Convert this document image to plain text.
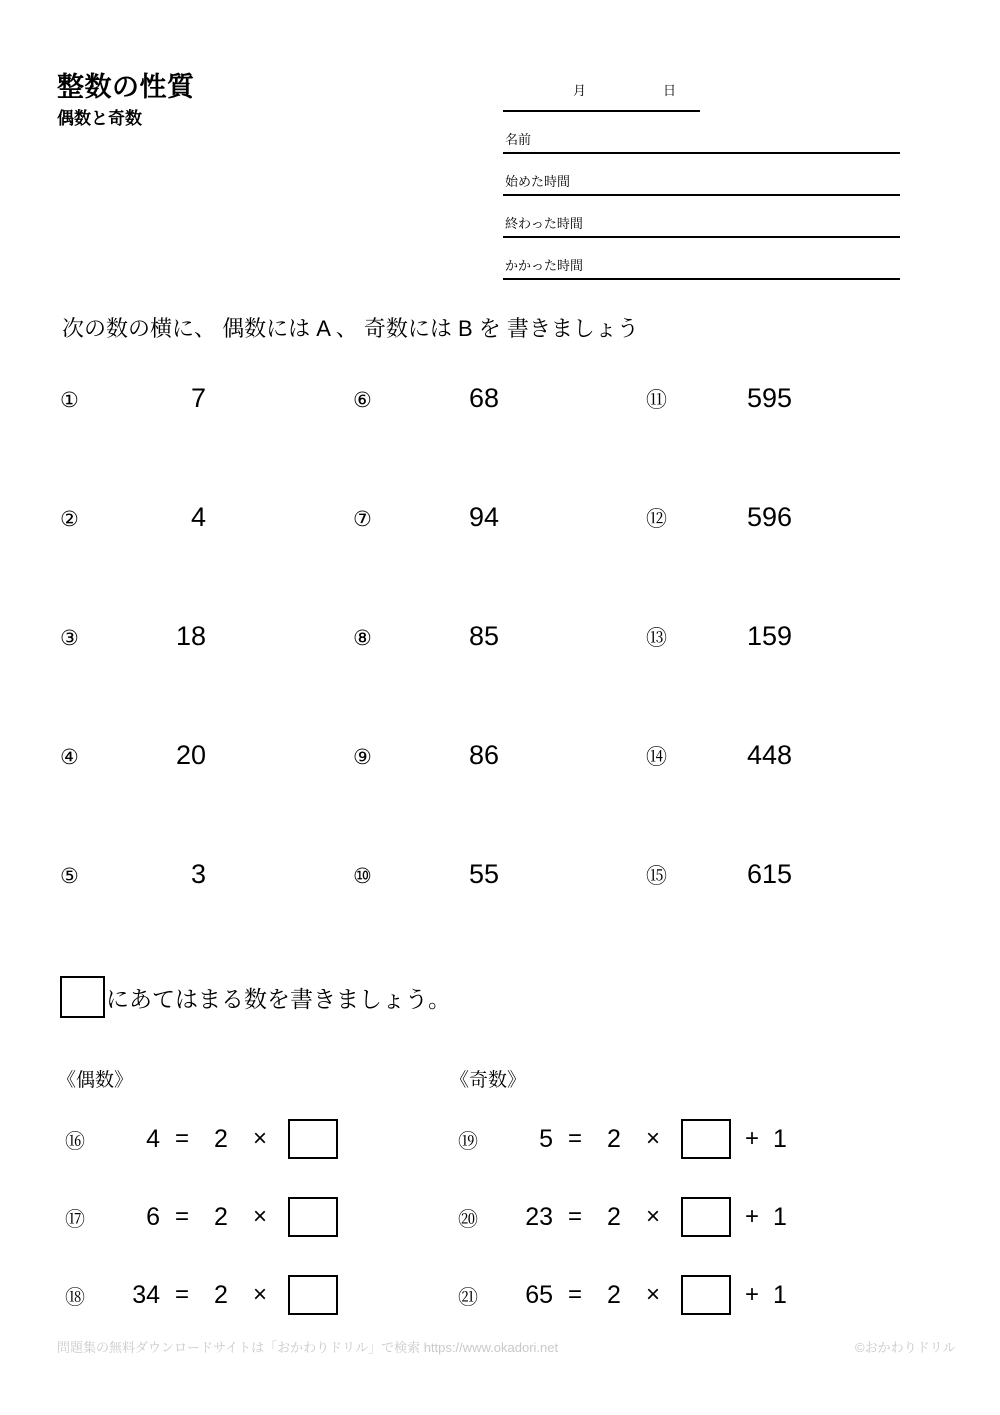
整数の性質
偶数と奇数
月	日
名前
始めた時間
終わった時間
かかった時間
次の数の横に、 偶数には A 、 奇数には B を 書きましょう
①	7	⑥	68	⑪	595
②	4	⑦	94	⑫	596
③	18	⑧	85	⑬	159
④	20	⑨	86	⑭	448
⑤	3	⑩	55	⑮	615
にあてはまる数を書きましょう。
《偶数》
⑯	4 =	2	×
⑰	6 =	2	×
⑱	34 =	2	×
《奇数》
⑲	5 =	2	×	+ 1
⑳	23 =	2	×	+ 1
㉑	65 =	2	×	+ 1
問題集の無料ダウンロードサイトは「おかわりドリル」で検索 https://www.okadori.net	©おかわりドリル
